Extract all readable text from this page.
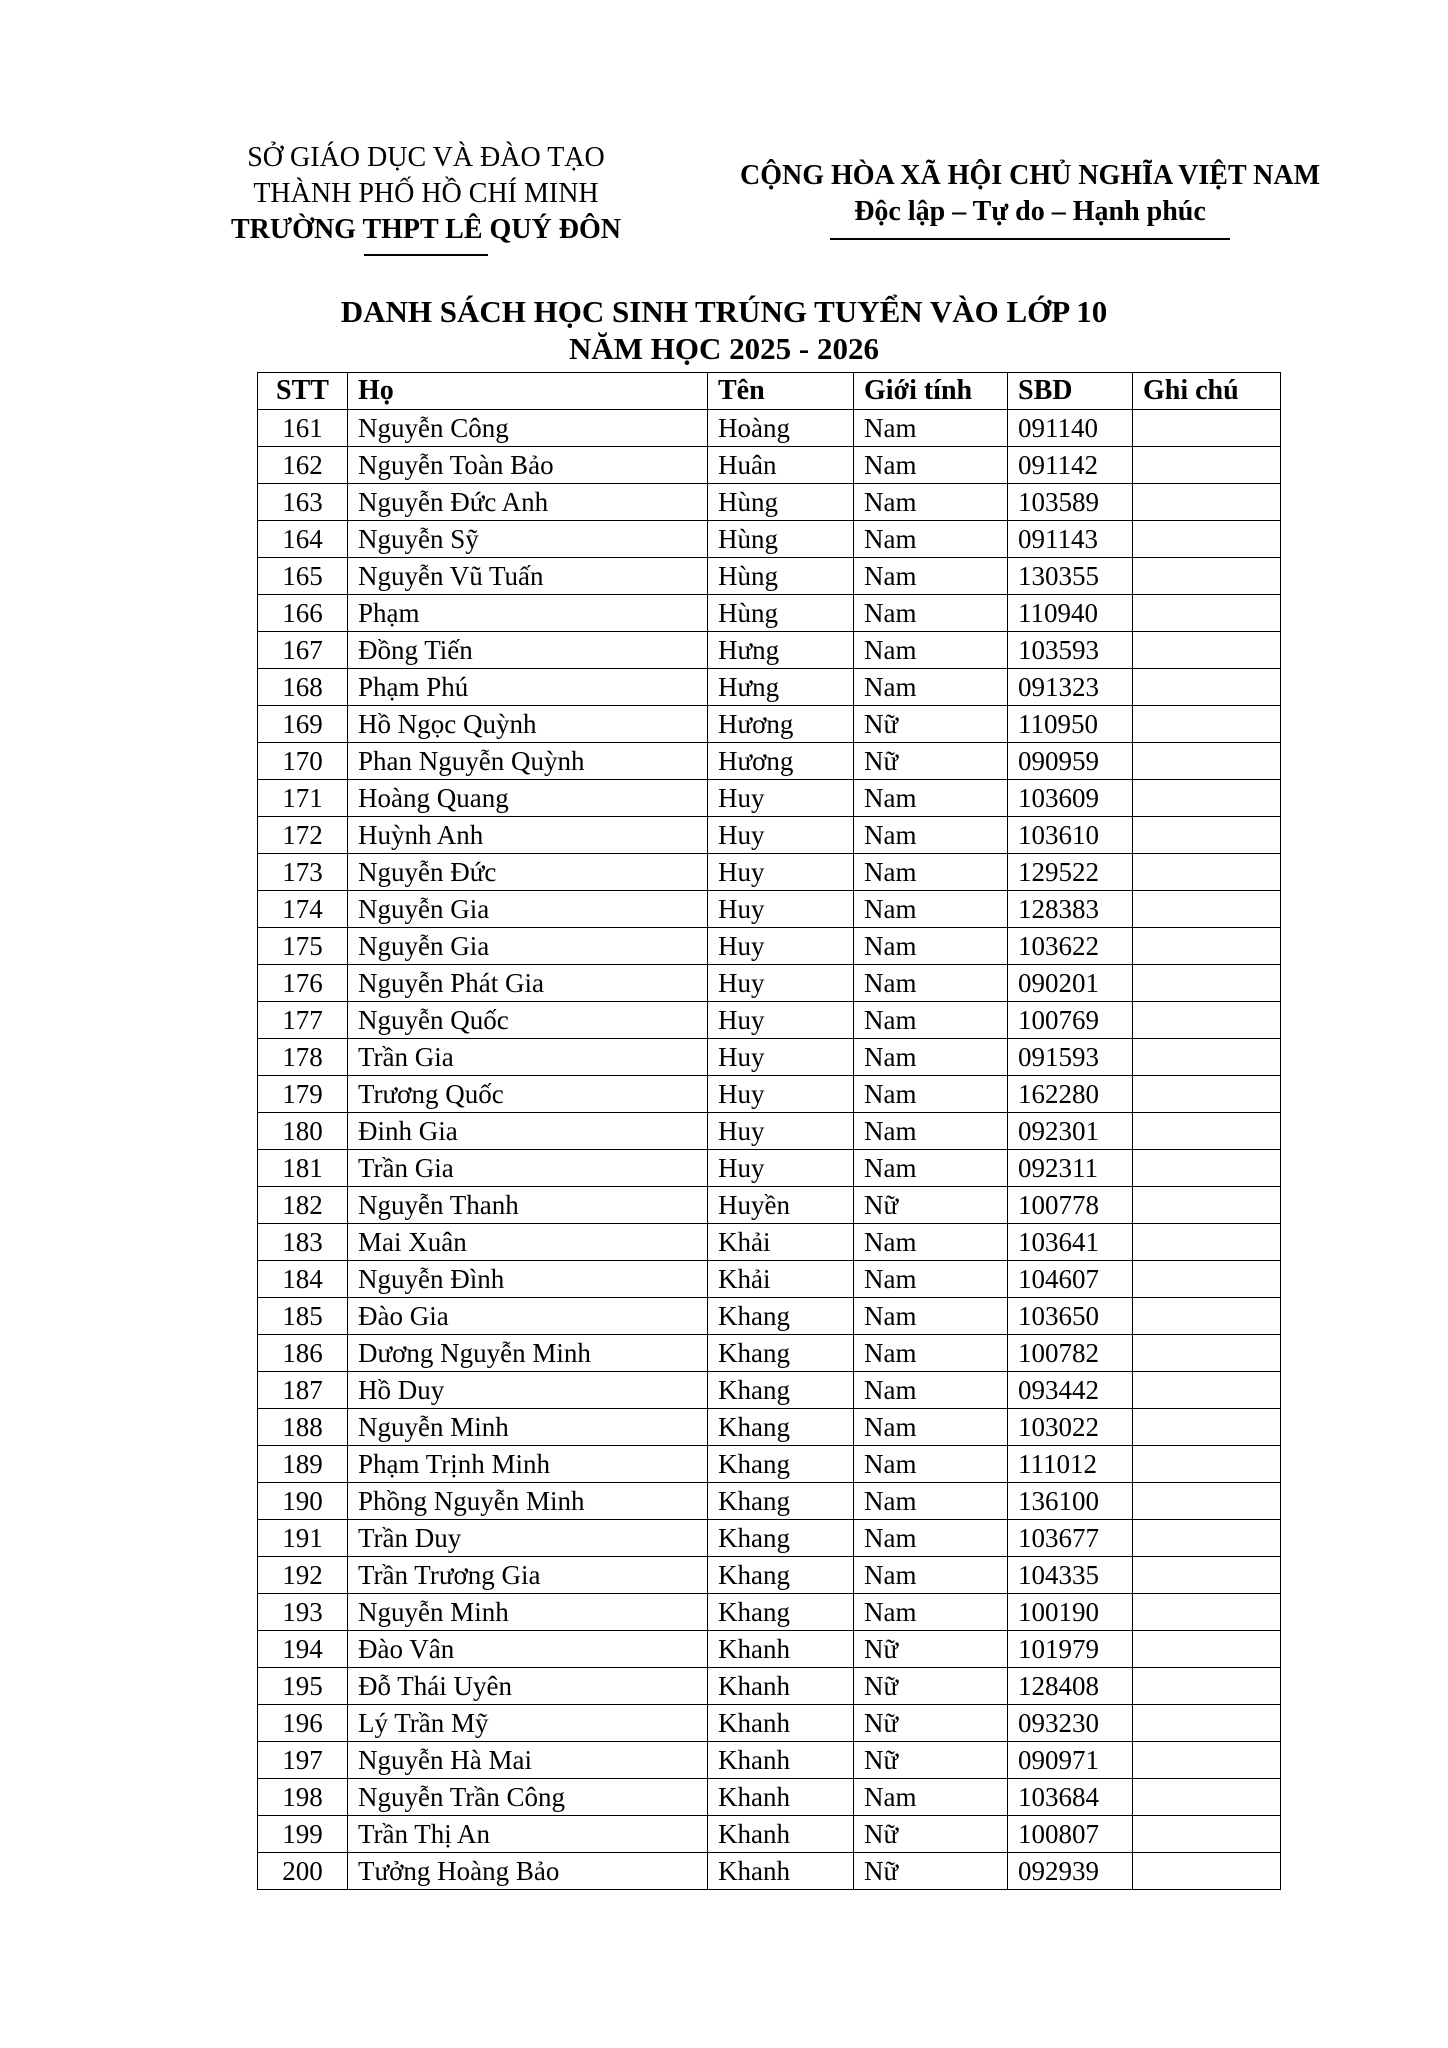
SỞ GIÁO DỤC VÀ ĐÀO TẠO
THÀNH PHỐ HỒ CHÍ MINH
TRƯỜNG THPT LÊ QUÝ ĐÔN
CỘNG HÒA XÃ HỘI CHỦ NGHĨA VIỆT NAM
Độc lập – Tự do – Hạnh phúc
DANH SÁCH HỌC SINH TRÚNG TUYỂN VÀO LỚP 10
NĂM HỌC 2025 - 2026
STT	Họ	Tên	Giới tính	SBD	Ghi chú
161	Nguyễn Công	Hoàng	Nam	091140	
162	Nguyễn Toàn Bảo	Huân	Nam	091142	
163	Nguyễn Đức Anh	Hùng	Nam	103589	
164	Nguyễn Sỹ	Hùng	Nam	091143	
165	Nguyễn Vũ Tuấn	Hùng	Nam	130355	
166	Phạm	Hùng	Nam	110940	
167	Đồng Tiến	Hưng	Nam	103593	
168	Phạm Phú	Hưng	Nam	091323	
169	Hồ Ngọc Quỳnh	Hương	Nữ	110950	
170	Phan Nguyễn Quỳnh	Hương	Nữ	090959	
171	Hoàng Quang	Huy	Nam	103609	
172	Huỳnh Anh	Huy	Nam	103610	
173	Nguyễn Đức	Huy	Nam	129522	
174	Nguyễn Gia	Huy	Nam	128383	
175	Nguyễn Gia	Huy	Nam	103622	
176	Nguyễn Phát Gia	Huy	Nam	090201	
177	Nguyễn Quốc	Huy	Nam	100769	
178	Trần Gia	Huy	Nam	091593	
179	Trương Quốc	Huy	Nam	162280	
180	Đinh Gia	Huy	Nam	092301	
181	Trần Gia	Huy	Nam	092311	
182	Nguyễn Thanh	Huyền	Nữ	100778	
183	Mai Xuân	Khải	Nam	103641	
184	Nguyễn Đình	Khải	Nam	104607	
185	Đào Gia	Khang	Nam	103650	
186	Dương Nguyễn Minh	Khang	Nam	100782	
187	Hồ Duy	Khang	Nam	093442	
188	Nguyễn Minh	Khang	Nam	103022	
189	Phạm Trịnh Minh	Khang	Nam	111012	
190	Phồng Nguyễn Minh	Khang	Nam	136100	
191	Trần Duy	Khang	Nam	103677	
192	Trần Trương Gia	Khang	Nam	104335	
193	Nguyễn Minh	Khang	Nam	100190	
194	Đào Vân	Khanh	Nữ	101979	
195	Đỗ Thái Uyên	Khanh	Nữ	128408	
196	Lý Trần Mỹ	Khanh	Nữ	093230	
197	Nguyễn Hà Mai	Khanh	Nữ	090971	
198	Nguyễn Trần Công	Khanh	Nam	103684	
199	Trần Thị An	Khanh	Nữ	100807	
200	Tưởng Hoàng Bảo	Khanh	Nữ	092939	
